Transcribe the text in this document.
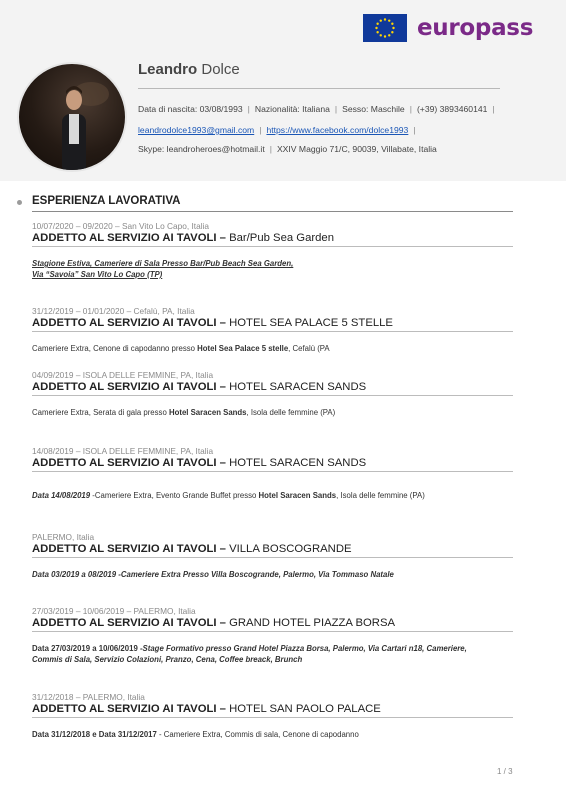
europass
Leandro Dolce
Data di nascita: 03/08/1993 | Nazionalità: Italiana | Sesso: Maschile | (+39) 3893460141 |
leandrodolce1993@gmail.com | https://www.facebook.com/dolce1993 |
Skype: leandroheroes@hotmail.it | XXIV Maggio 71/C, 90039, Villabate, Italia
ESPERIENZA LAVORATIVA
10/07/2020 – 09/2020 – San Vito Lo Capo, Italia
ADDETTO AL SERVIZIO AI TAVOLI – Bar/Pub Sea Garden
Stagione Estiva, Cameriere di Sala Presso Bar/Pub Beach Sea Garden,
Via “Savoia” San Vito Lo Capo (TP)
31/12/2019 – 01/01/2020 – Cefalù, PA, Italia
ADDETTO AL SERVIZIO AI TAVOLI – HOTEL SEA PALACE 5 STELLE
Cameriere Extra, Cenone di capodanno presso Hotel Sea Palace 5 stelle, Cefalù (PA
04/09/2019 – ISOLA DELLE FEMMINE, PA, Italia
ADDETTO AL SERVIZIO AI TAVOLI – HOTEL SARACEN SANDS
Cameriere Extra, Serata di gala presso Hotel Saracen Sands, Isola delle femmine (PA)
14/08/2019 – ISOLA DELLE FEMMINE, PA, Italia
ADDETTO AL SERVIZIO AI TAVOLI – HOTEL SARACEN SANDS
Data 14/08/2019 -Cameriere Extra, Evento Grande Buffet presso Hotel Saracen Sands, Isola delle femmine (PA)
PALERMO, Italia
ADDETTO AL SERVIZIO AI TAVOLI – VILLA BOSCOGRANDE
Data 03/2019 a 08/2019 -Cameriere Extra Presso Villa Boscogrande, Palermo, Via Tommaso Natale
27/03/2019 – 10/06/2019 – PALERMO, Italia
ADDETTO AL SERVIZIO AI TAVOLI – GRAND HOTEL PIAZZA BORSA
Data 27/03/2019 a 10/06/2019 -Stage Formativo presso Grand Hotel Piazza Borsa, Palermo, Via Cartari n18, Cameriere,
Commis di Sala, Servizio Colazioni, Pranzo, Cena, Coffee breack, Brunch
31/12/2018 – PALERMO, Italia
ADDETTO AL SERVIZIO AI TAVOLI – HOTEL SAN PAOLO PALACE
Data 31/12/2018 e Data 31/12/2017 - Cameriere Extra, Commis di sala, Cenone di capodanno
1 / 3
